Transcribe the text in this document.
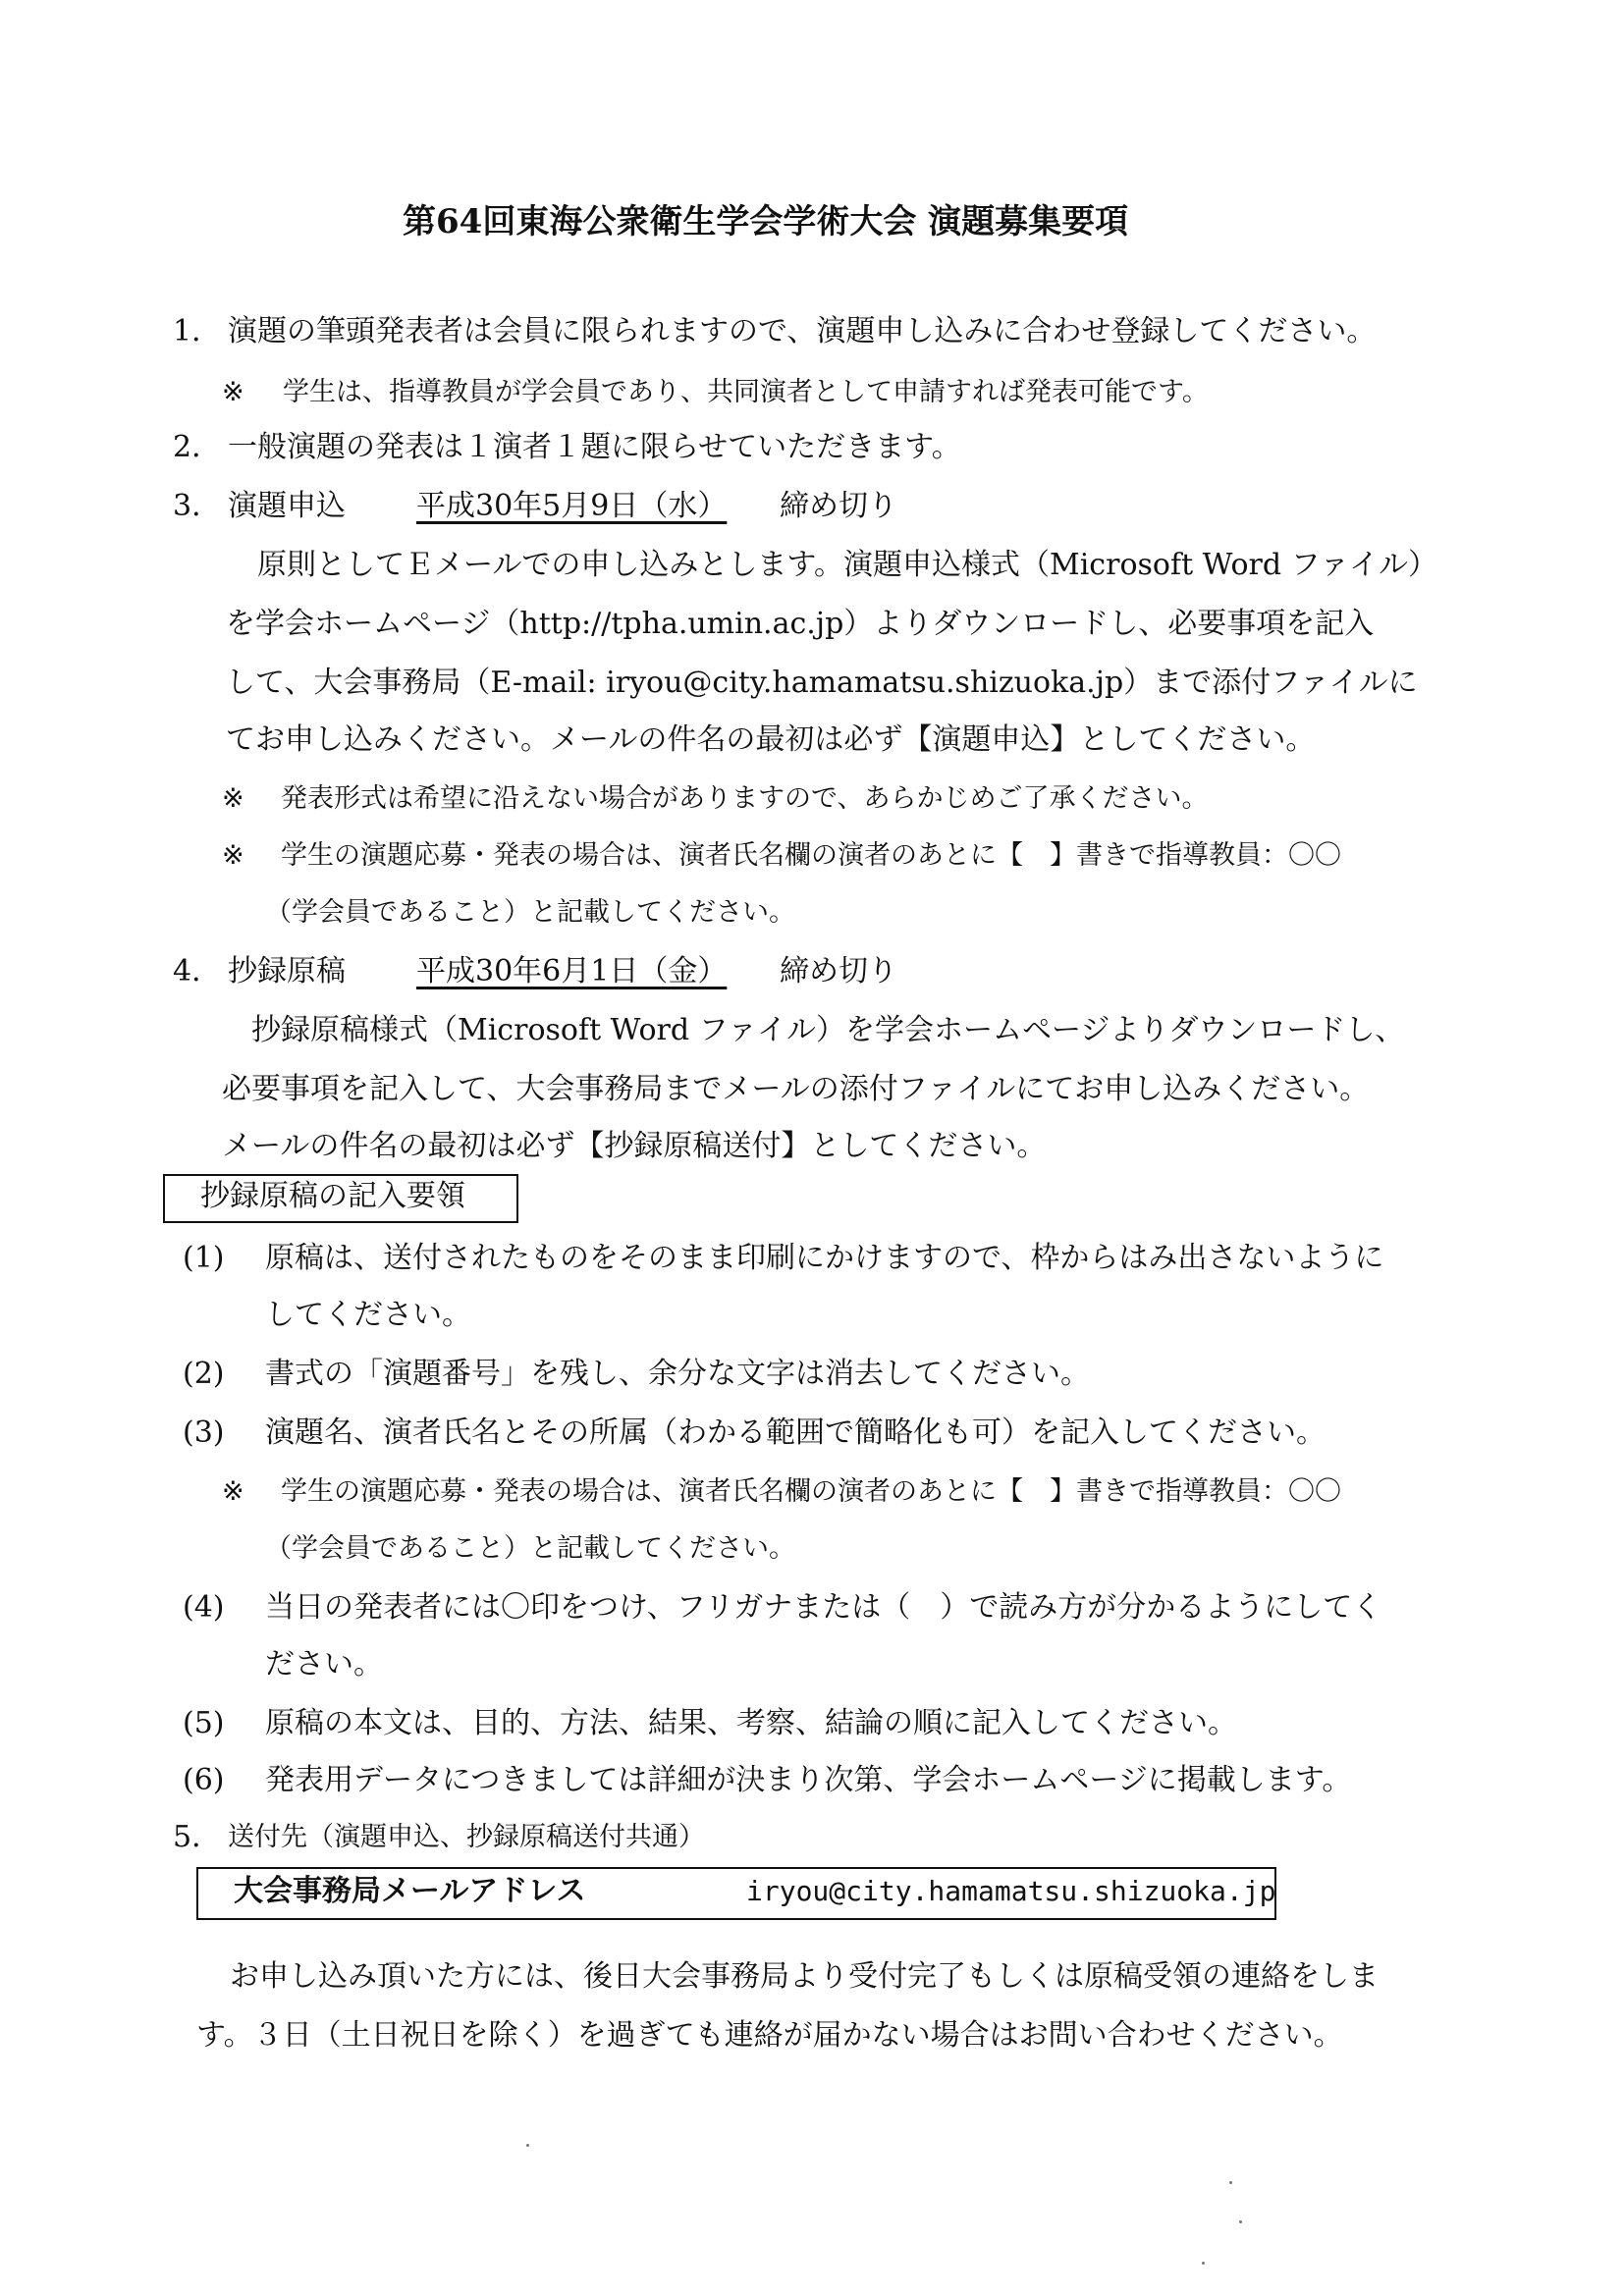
第64回東海公衆衛生学会学術大会 演題募集要項
1． 演題の筆頭発表者は会員に限られますので、演題申し込みに合わせ登録してください。
※ 学生は、指導教員が学会員であり、共同演者として申請すれば発表可能です。
2． 一般演題の発表は１演者１題に限らせていただきます。
3． 演題申込 平成30年5月9日（水） 締め切り
原則としてＥメールでの申し込みとします。演題申込様式（Microsoft Word ファイル）
を学会ホームページ（http://tpha.umin.ac.jp）よりダウンロードし、必要事項を記入
して、大会事務局（E-mail: iryou@city.hamamatsu.shizuoka.jp）まで添付ファイルに
てお申し込みください。メールの件名の最初は必ず【演題申込】としてください。
※ 発表形式は希望に沿えない場合がありますので、あらかじめご了承ください。
※ 学生の演題応募・発表の場合は、演者氏名欄の演者のあとに【　】書きで指導教員：〇〇
（学会員であること）と記載してください。
4． 抄録原稿 平成30年6月1日（金） 締め切り
抄録原稿様式（Microsoft Word ファイル）を学会ホームページよりダウンロードし、
必要事項を記入して、大会事務局までメールの添付ファイルにてお申し込みください。
メールの件名の最初は必ず【抄録原稿送付】としてください。
抄録原稿の記入要領
(1) 原稿は、送付されたものをそのまま印刷にかけますので、枠からはみ出さないように
してください。
(2) 書式の「演題番号」を残し、余分な文字は消去してください。
(3) 演題名、演者氏名とその所属（わかる範囲で簡略化も可）を記入してください。
※ 学生の演題応募・発表の場合は、演者氏名欄の演者のあとに【　】書きで指導教員：〇〇
（学会員であること）と記載してください。
(4) 当日の発表者には〇印をつけ、フリガナまたは（　）で読み方が分かるようにしてく
ださい。
(5) 原稿の本文は、目的、方法、結果、考察、結論の順に記入してください。
(6) 発表用データにつきましては詳細が決まり次第、学会ホームページに掲載します。
5． 送付先（演題申込、抄録原稿送付共通）
大会事務局メールアドレス	iryou@city.hamamatsu.shizuoka.jp
お申し込み頂いた方には、後日大会事務局より受付完了もしくは原稿受領の連絡をしま
す。３日（土日祝日を除く）を過ぎても連絡が届かない場合はお問い合わせください。
